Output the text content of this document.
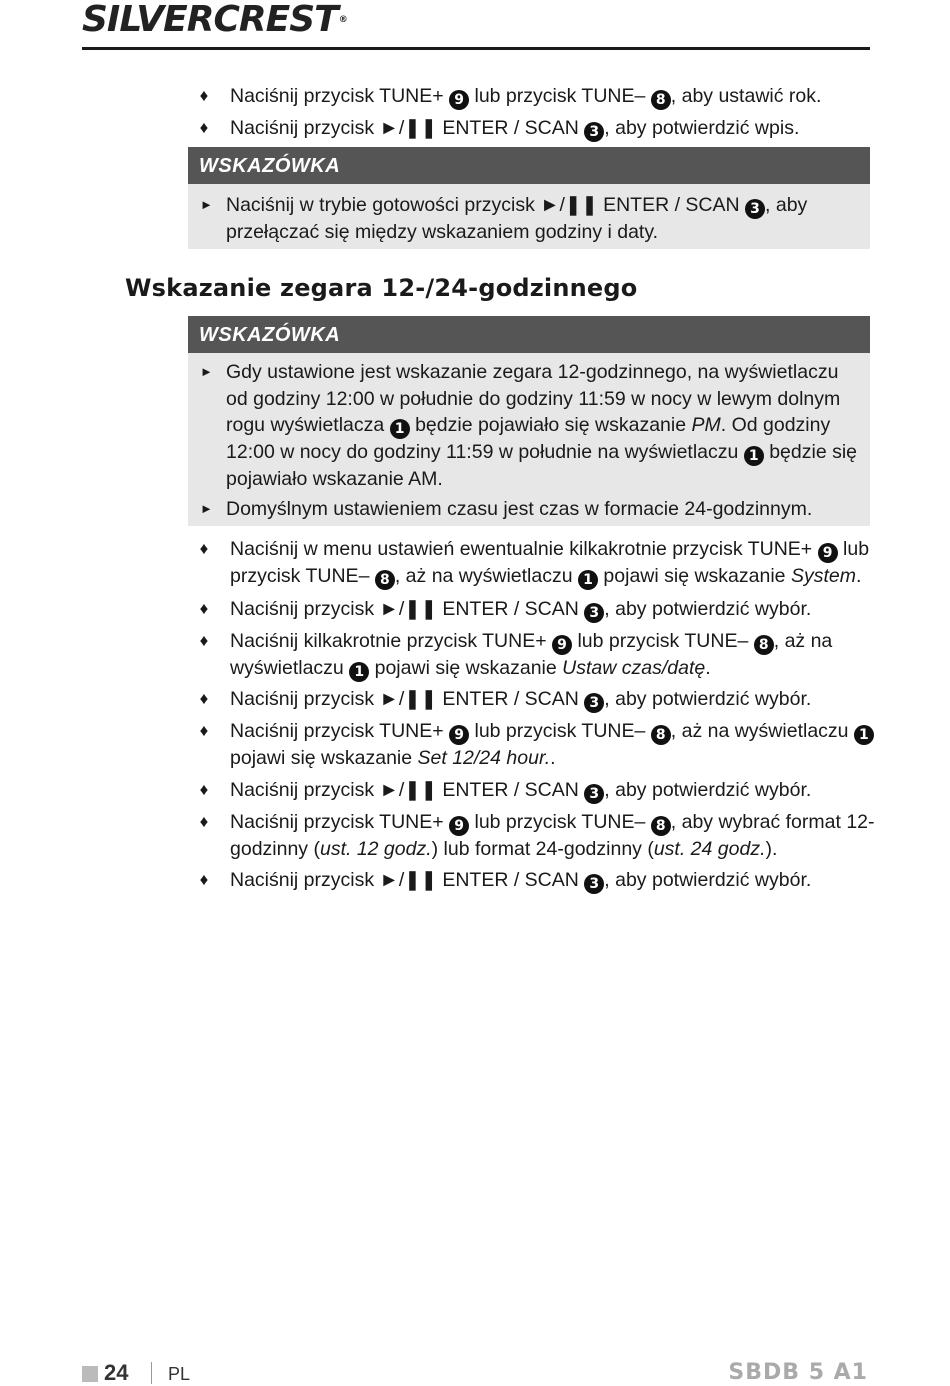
SILVERCREST®
♦ Naciśnij przycisk TUNE+ 9 lub przycisk TUNE– 8 , aby ustawić rok.
♦ Naciśnij przycisk ►/❚❚ ENTER / SCAN 3 , aby potwierdzić wpis.
WSKAZÓWKA
► Naciśnij w trybie gotowości przycisk ►/❚❚ ENTER / SCAN 3 , aby przełączać się między wskazaniem godziny i daty.
Wskazanie zegara 12-/24-godzinnego
WSKAZÓWKA
► Gdy ustawione jest wskazanie zegara 12-godzinnego, na wyświetlaczu od godziny 12:00 w południe do godziny 11:59 w nocy w lewym dolnym rogu wyświetlacza 1 będzie pojawiało się wskazanie PM. Od godziny 12:00 w nocy do godziny 11:59 w południe na wyświetlaczu 1 będzie się pojawiało wskazanie AM.
► Domyślnym ustawieniem czasu jest czas w formacie 24-godzinnym.
♦ Naciśnij w menu ustawień ewentualnie kilkakrotnie przycisk TUNE+ 9 lub przycisk TUNE– 8 , aż na wyświetlaczu 1 pojawi się wskazanie System.
♦ Naciśnij przycisk ►/❚❚ ENTER / SCAN 3 , aby potwierdzić wybór.
♦ Naciśnij kilkakrotnie przycisk TUNE+ 9 lub przycisk TUNE– 8 , aż na wyświetlaczu 1 pojawi się wskazanie Ustaw czas/datę.
♦ Naciśnij przycisk ►/❚❚ ENTER / SCAN 3 , aby potwierdzić wybór.
♦ Naciśnij przycisk TUNE+ 9 lub przycisk TUNE– 8 , aż na wyświetlaczu 1 pojawi się wskazanie Set 12/24 hour..
♦ Naciśnij przycisk ►/❚❚ ENTER / SCAN 3 , aby potwierdzić wybór.
♦ Naciśnij przycisk TUNE+ 9 lub przycisk TUNE– 8 , aby wybrać format 12-godzinny (ust. 12 godz.) lub format 24-godzinny (ust. 24 godz.).
♦ Naciśnij przycisk ►/❚❚ ENTER / SCAN 3 , aby potwierdzić wybór.
24 PL	SBDB 5 A1
